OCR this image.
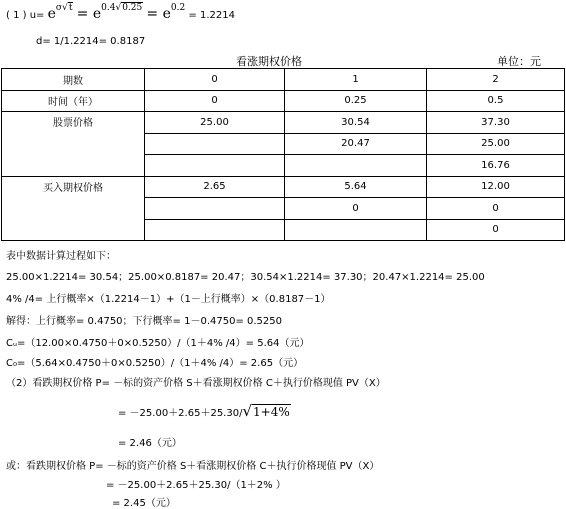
( 1 ) $u= e^{\sigma√t} = e^{0.4√0.25} = e^{0.2} = 1.2214$
d= 1/1.2214= 0.8187
看涨期权价格	单位：元
期数	0	1	2
时间（年）	0	0.25	0.5
股票价格	25.00	30.54	37.30
		20.47	25.00
			16.76
买入期权价格	2.65	5.64	12.00
		0	0
			0
表中数据计算过程如下：
25.00×1.2214= 30.54；25.00×0.8187= 20.47；30.54×1.2214= 37.30；20.47×1.2214= 25.00
4% /4= 上行概率×（1.2214－1）+（1－上行概率）×（0.8187－1）
解得：上行概率= 0.4750；下行概率= 1－0.4750= 0.5250
Cᵤ=（12.00×0.4750＋0×0.5250）/（1＋4% /4）= 5.64（元）
C₀=（5.64×0.4750＋0×0.5250）/（1＋4% /4）= 2.65（元）
（2）看跌期权价格 P= －标的资产价格 S＋看涨期权价格 C＋执行价格现值 PV（X）
= －25.00＋2.65＋25.30/√1+4%
= 2.46（元）
或：看跌期权价格 P= －标的资产价格 S＋看涨期权价格 C＋执行价格现值 PV（X）
= －25.00＋2.65＋25.30/（1＋2% ）
= 2.45（元）
